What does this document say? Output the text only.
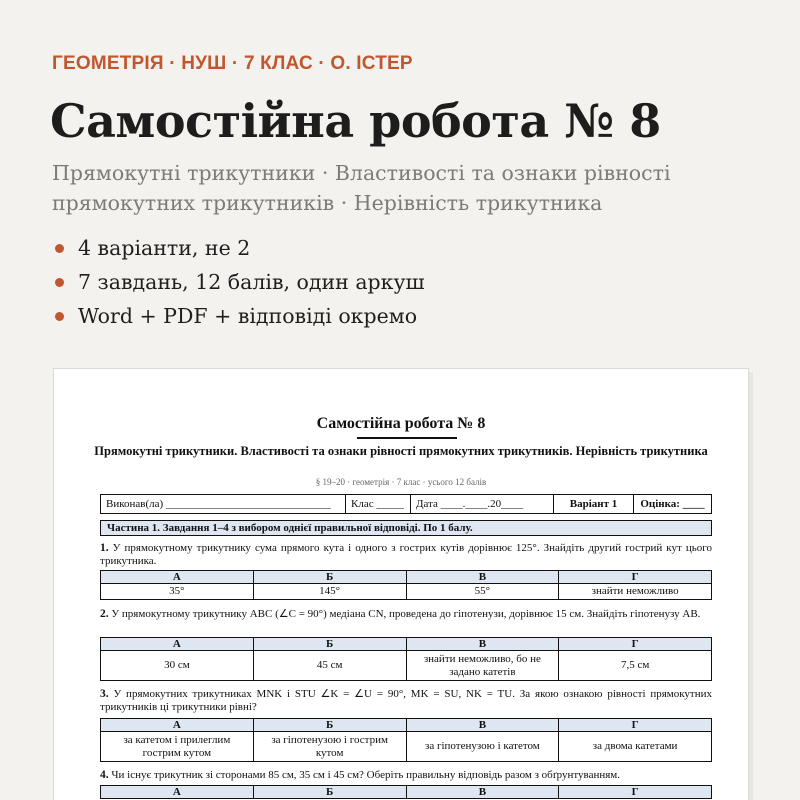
ГЕОМЕТРІЯ · НУШ · 7 КЛАС · О. ІСТЕР
Самостійна робота № 8
Прямокутні трикутники · Властивості та ознаки рівності прямокутних трикутників · Нерівність трикутника
4 варіанти, не 2
7 завдань, 12 балів, один аркуш
Word + PDF + відповіді окремо
Самостійна робота № 8
Прямокутні трикутники. Властивості та ознаки рівності прямокутних трикутників. Нерівність трикутника
§ 19–20 · геометрія · 7 клас · усього 12 балів
Виконав(ла) ______________________________	Клас _____	Дата ____.____.20____	Варіант 1	Оцінка: ____
Частина 1. Завдання 1–4 з вибором однієї правильної відповіді. По 1 балу.
1. У прямокутному трикутнику сума прямого кута і одного з гострих кутів дорівнює 125°. Знайдіть другий гострий кут цього трикутника.
А	Б	В	Г
35°	145°	55°	знайти неможливо
2. У прямокутному трикутнику ABC (∠C = 90°) медіана CN, проведена до гіпотенузи, дорівнює 15 см. Знайдіть гіпотенузу AB.
А	Б	В	Г
30 см	45 см	знайти неможливо, бо не задано катетів	7,5 см
3. У прямокутних трикутниках MNK і STU ∠K = ∠U = 90°, MK = SU, NK = TU. За якою ознакою рівності прямокутних трикутників ці трикутники рівні?
А	Б	В	Г
за катетом і прилеглим гострим кутом	за гіпотенузою і гострим кутом	за гіпотенузою і катетом	за двома катетами
4. Чи існує трикутник зі сторонами 85 см, 35 см і 45 см? Оберіть правильну відповідь разом з обґрунтуванням.
А	Б	В	Г
